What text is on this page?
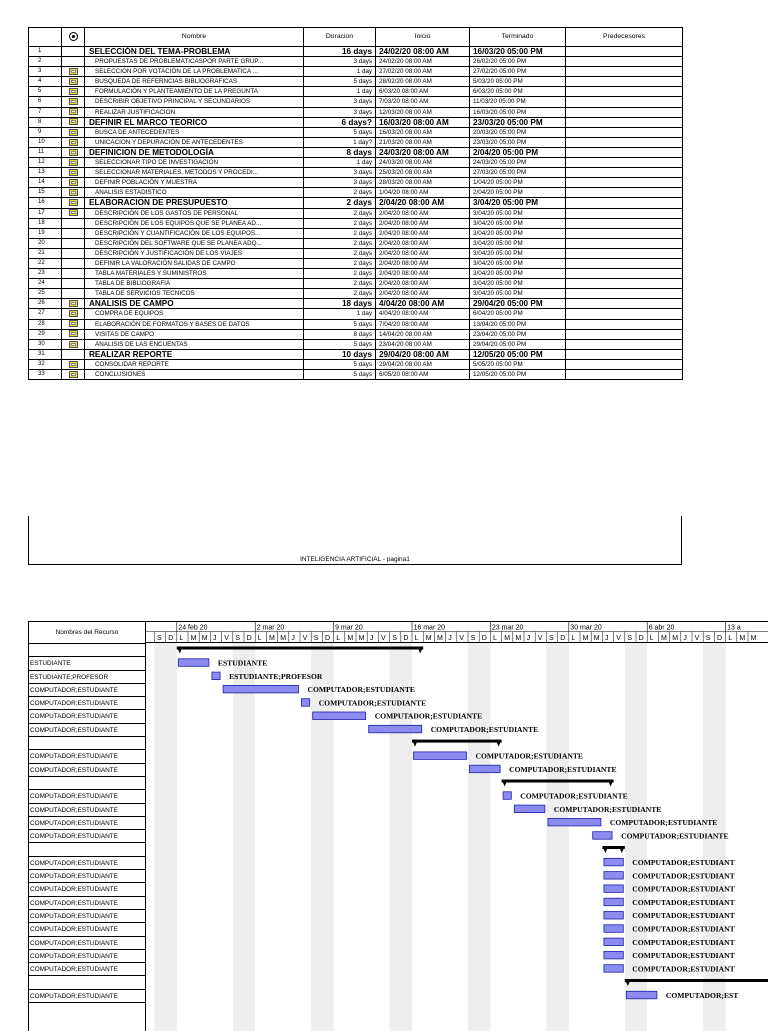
		Nombre	Duracion	Inicio	Terminado	Predecesores
1		SELECCIÓN DEL TEMA-PROBLEMA	16 days	24/02/20 08:00 AM	16/03/20 05:00 PM	
2		PROPUESTAS DE PROBLEMATICASPOR PARTE GRUP...	3 days	24/02/20 08:00 AM	26/02/20 05:00 PM	
3		SELECCION POR VOTACIÓN DE LA PROBLEMATICA ...	1 day	27/02/20 08:00 AM	27/02/20 05:00 PM	
4		BUSQUEDA DE REFERNCIAS BIBLIOGRAFICAS	5 days	28/02/20 08:00 AM	5/03/20 05:00 PM	
5		FORMULACIÓN Y PLANTEAMIENTO DE LA PREGUNTA	1 day	6/03/20 08:00 AM	6/03/20 05:00 PM	
6		DESCRIBIR OBJETIVO PRINCIPAL Y SECUNDARIOS	3 days	7/03/20 08:00 AM	11/03/20 05:00 PM	
7		REALIZAR JUSTIFICACION	3 days	12/03/20 08:00 AM	16/03/20 05:00 PM	
8		DEFINIR EL MARCO TEORICO	6 days?	16/03/20 08:00 AM	23/03/20 05:00 PM	
9		BUSCA DE ANTECEDENTES	5 days	16/03/20 08:00 AM	20/03/20 05:00 PM	
10		UNICACION Y DEPURACIÓN DE ANTECEDENTES	1 day?	21/03/20 08:00 AM	23/03/20 05:00 PM	
11		DEFINICION DE METODOLOGÍA	8 days	24/03/20 08:00 AM	2/04/20 05:00 PM	
12		SELECCIONAR TIPO DE INVESTIGACIÓN	1 day	24/03/20 08:00 AM	24/03/20 05:00 PM	
13		SELECCIONAR MATERIALES, METODOS Y PROCEDI...	3 days	25/03/20 08:00 AM	27/03/20 05:00 PM	
14		DEFINIR POBLACIÓN Y MUESTRA	3 days	28/03/20 08:00 AM	1/04/20 05:00 PM	
15		ANALISIS ESTADISTICO	2 days	1/04/20 08:00 AM	2/04/20 05:00 PM	
16		ELABORACION DE PRESUPUESTO	2 days	2/04/20 08:00 AM	3/04/20 05:00 PM	
17		DESCRIPCIÓN DE LOS GASTOS DE PERSONAL	2 days	2/04/20 08:00 AM	3/04/20 05:00 PM	
18		DESCRIPCIÓN DE LOS EQUIPOS QUE SE PLANEA AD...	2 days	2/04/20 08:00 AM	3/04/20 05:00 PM	
19		DESCRIPCIÓN Y CUANTIFICACIÓN DE LOS EQUIPOS...	2 days	2/04/20 08:00 AM	3/04/20 05:00 PM	
20		DESCRIPCIÓN DEL SOFTWARE QUE SE PLANEA ADQ...	2 days	2/04/20 08:00 AM	3/04/20 05:00 PM	
21		DESCRIPCIÓN Y JUSTIFICACIÓN DE LOS VIAJES	2 days	2/04/20 08:00 AM	3/04/20 05:00 PM	
22		DEFINIR LA VALORACIÓN SALIDAS DE CAMPO	2 days	2/04/20 08:00 AM	3/04/20 05:00 PM	
23		TABLA MATERIALES Y SUMINISTROS	2 days	2/04/20 08:00 AM	3/04/20 05:00 PM	
24		TABLA DE BIBLIOGRAFIA	2 days	2/04/20 08:00 AM	3/04/20 05:00 PM	
25		TABLA DE SERVICIOS TECNICOS	2 days	2/04/20 08:00 AM	3/04/20 05:00 PM	
26		ANALISIS DE CAMPO	18 days	4/04/20 08:00 AM	29/04/20 05:00 PM	
27		COMPRA DE EQUIPOS	1 day	4/04/20 08:00 AM	6/04/20 05:00 PM	
28		ELABORACIÓN DE FORMATOS Y BASES DE DATOS	5 days	7/04/20 08:00 AM	13/04/20 05:00 PM	
29		VISITAS DE CAMPO	8 days	14/04/20 08:00 AM	23/04/20 05:00 PM	
30		ANALISIS DE LAS ENCUENTAS	5 days	23/04/20 08:00 AM	29/04/20 05:00 PM	
31		REALIZAR REPORTE	10 days	29/04/20 08:00 AM	12/05/20 05:00 PM	
32		CONSOLIDAR REPORTE	5 days	29/04/20 08:00 AM	5/05/20 05:00 PM	
33		CONCLUSIONES	5 days	6/05/20 08:00 AM	12/05/20 05:00 PM	
INTELIGENCIA ARTIFICIAL - pagina1
Nombres del Recurso
ESTUDIANTE
ESTUDIANTE;PROFESOR
COMPUTADOR;ESTUDIANTE
COMPUTADOR;ESTUDIANTE
COMPUTADOR;ESTUDIANTE
COMPUTADOR;ESTUDIANTE
COMPUTADOR;ESTUDIANTE
COMPUTADOR;ESTUDIANTE
COMPUTADOR;ESTUDIANTE
COMPUTADOR;ESTUDIANTE
COMPUTADOR;ESTUDIANTE
COMPUTADOR;ESTUDIANTE
COMPUTADOR;ESTUDIANTE
COMPUTADOR;ESTUDIANTE
COMPUTADOR;ESTUDIANTE
COMPUTADOR;ESTUDIANTE
COMPUTADOR;ESTUDIANTE
COMPUTADOR;ESTUDIANTE
COMPUTADOR;ESTUDIANTE
COMPUTADOR;ESTUDIANTE
COMPUTADOR;ESTUDIANTE
COMPUTADOR;ESTUDIANTE
24 feb 20	2 mar 20	9 mar 20	16 mar 20	23 mar 20	30 mar 20	6 abr 20	13 a
S D L M M J V S D L M M J V S D L M M J V S D L M M J V S D L M M J V S D L M M J V S D L M M J V S D L M M
ESTUDIANTE
ESTUDIANTE;PROFESOR
COMPUTADOR;ESTUDIANTE
COMPUTADOR;ESTUDIANTE
COMPUTADOR;ESTUDIANTE
COMPUTADOR;ESTUDIANTE
COMPUTADOR;ESTUDIANTE
COMPUTADOR;ESTUDIANTE
COMPUTADOR;ESTUDIANTE
COMPUTADOR;ESTUDIANTE
COMPUTADOR;ESTUDIANTE
COMPUTADOR;ESTUDIANTE
COMPUTADOR;ESTUDIANT
COMPUTADOR;ESTUDIANT
COMPUTADOR;ESTUDIANT
COMPUTADOR;ESTUDIANT
COMPUTADOR;ESTUDIANT
COMPUTADOR;ESTUDIANT
COMPUTADOR;ESTUDIANT
COMPUTADOR;ESTUDIANT
COMPUTADOR;ESTUDIANT
COMPUTADOR;EST
